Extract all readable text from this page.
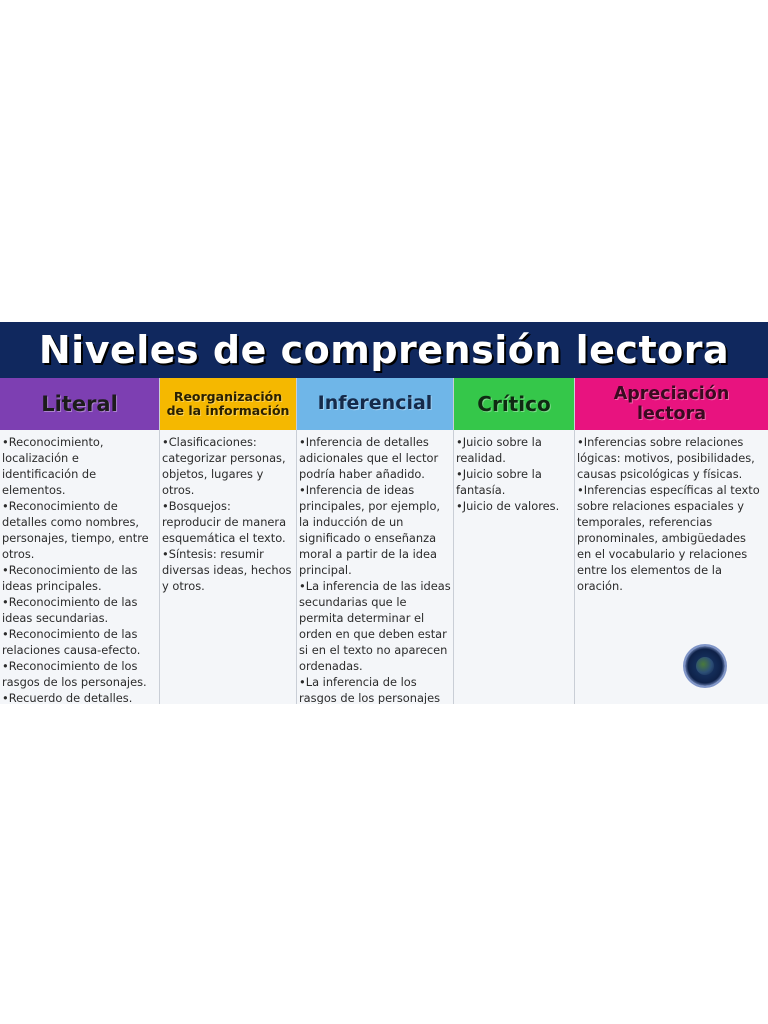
Niveles de comprensión lectora
Literal

•Reconocimiento,

localización e

identificación de

elementos.

•Reconocimiento de

detalles como nombres,

personajes, tiempo, entre

otros.

•Reconocimiento de las

ideas principales.

•Reconocimiento de las

ideas secundarias.

•Reconocimiento de las

relaciones causa-efecto.

•Reconocimiento de los

rasgos de los personajes.

•Recuerdo de detalles.

Reorganización de la información

•Clasificaciones:

categorizar personas,

objetos, lugares y

otros.

•Bosquejos:

reproducir de manera

esquemática el texto.

•Síntesis: resumir

diversas ideas, hechos

y otros.

Inferencial

•Inferencia de detalles

adicionales que el lector

podría haber añadido.

•Inferencia de ideas

principales, por ejemplo,

la inducción de un

significado o enseñanza

moral a partir de la idea

principal.

•La inferencia de las ideas

secundarias que le

permita determinar el

orden en que deben estar

si en el texto no aparecen

ordenadas.

•La inferencia de los

rasgos de los personajes

Crítico

•Juicio sobre la

realidad.

•Juicio sobre la

fantasía.

•Juicio de valores.

Apreciación lectora

•Inferencias sobre relaciones

lógicas: motivos, posibilidades,

causas psicológicas y físicas.

•Inferencias específicas al texto

sobre relaciones espaciales y

temporales, referencias

pronominales, ambigüedades

en el vocabulario y relaciones

entre los elementos de la

oración.
